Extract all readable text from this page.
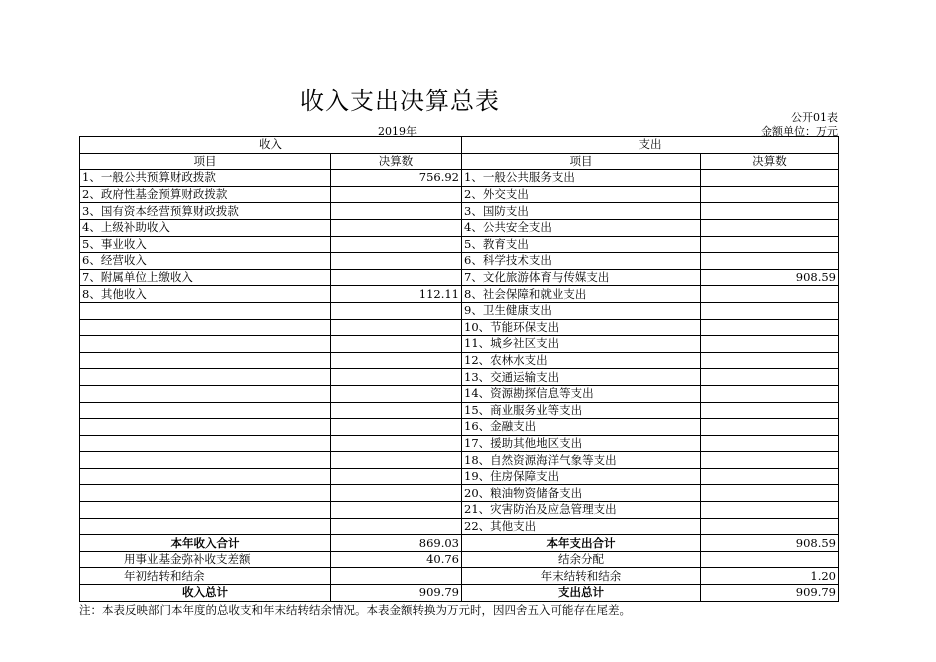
收入支出决算总表
公开01表
2019年	金额单位：万元
收入		支出	
项目	决算数	项目	决算数
1、一般公共预算财政拨款	756.92	1、一般公共服务支出	
2、政府性基金预算财政拨款		2、外交支出	
3、国有资本经营预算财政拨款		3、国防支出	
4、上级补助收入		4、公共安全支出	
5、事业收入		5、教育支出	
6、经营收入		6、科学技术支出	
7、附属单位上缴收入		7、文化旅游体育与传媒支出	908.59
8、其他收入	112.11	8、社会保障和就业支出	
		9、卫生健康支出	
		10、节能环保支出	
		11、城乡社区支出	
		12、农林水支出	
		13、交通运输支出	
		14、资源勘探信息等支出	
		15、商业服务业等支出	
		16、金融支出	
		17、援助其他地区支出	
		18、自然资源海洋气象等支出	
		19、住房保障支出	
		20、粮油物资储备支出	
		21、灾害防治及应急管理支出	
		22、其他支出	
本年收入合计	869.03	本年支出合计	908.59
用事业基金弥补收支差额	40.76	结余分配	
年初结转和结余		年末结转和结余	1.20
收入总计	909.79	支出总计	909.79
注：本表反映部门本年度的总收支和年末结转结余情况。本表金额转换为万元时，因四舍五入可能存在尾差。
